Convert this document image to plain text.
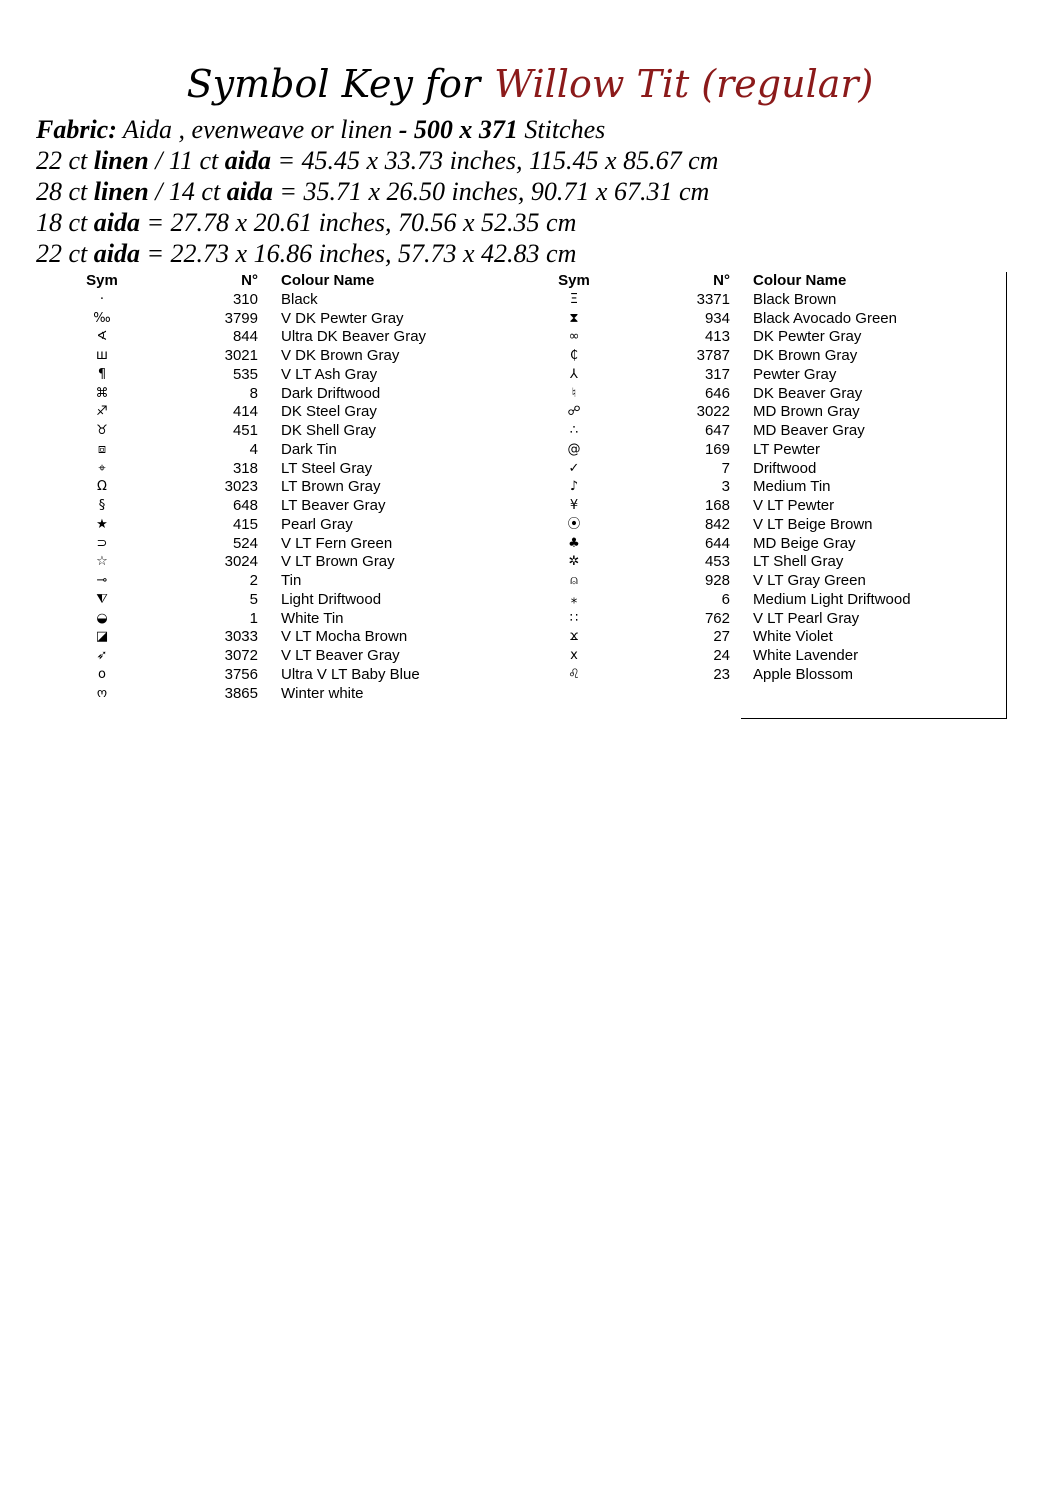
Symbol Key for Willow Tit (regular)
Fabric: Aida , evenweave or linen - 500 x 371 Stitches
22 ct linen / 11 ct aida = 45.45 x 33.73 inches, 115.45 x 85.67 cm
28 ct linen / 14 ct aida = 35.71 x 26.50 inches, 90.71 x 67.31 cm
18 ct aida = 27.78 x 20.61 inches, 70.56 x 52.35 cm
22 ct aida = 22.73 x 16.86 inches, 57.73 x 42.83 cm
Sym	N° Colour Name
·	310 Black
‰	3799 V DK Pewter Gray
∢	844 Ultra DK Beaver Gray
ш	3021 V DK Brown Gray
¶	535 V LT Ash Gray
⌘	8 Dark Driftwood
♐	414 DK Steel Gray
♉	451 DK Shell Gray
⧈	4 Dark Tin
⌖	318 LT Steel Gray
Ω	3023 LT Brown Gray
§	648 LT Beaver Gray
★	415 Pearl Gray
⊃	524 V LT Fern Green
☆	3024 V LT Brown Gray
⊸	2 Tin
⧨	5 Light Driftwood
◒	1 White Tin
◪	3033 V LT Mocha Brown
➶	3072 V LT Beaver Gray
o	3756 Ultra V LT Baby Blue
ო	3865 Winter white
Sym	N° Colour Name
Ξ	3371 Black Brown
⧗	934 Black Avocado Green
∞	413 DK Pewter Gray
₵	3787 DK Brown Gray
⅄	317 Pewter Gray
♮	646 DK Beaver Gray
☍	3022 MD Brown Gray
∴	647 MD Beaver Gray
@	169 LT Pewter
✓	7 Driftwood
♪	3 Medium Tin
¥	168 V LT Pewter
⦿	842 V LT Beige Brown
♣	644 MD Beige Gray
✲	453 LT Shell Gray
⍝	928 V LT Gray Green
⁎	6 Medium Light Driftwood
∷	762 V LT Pearl Gray
ϫ	27 White Violet
x	24 White Lavender
♌	23 Apple Blossom
